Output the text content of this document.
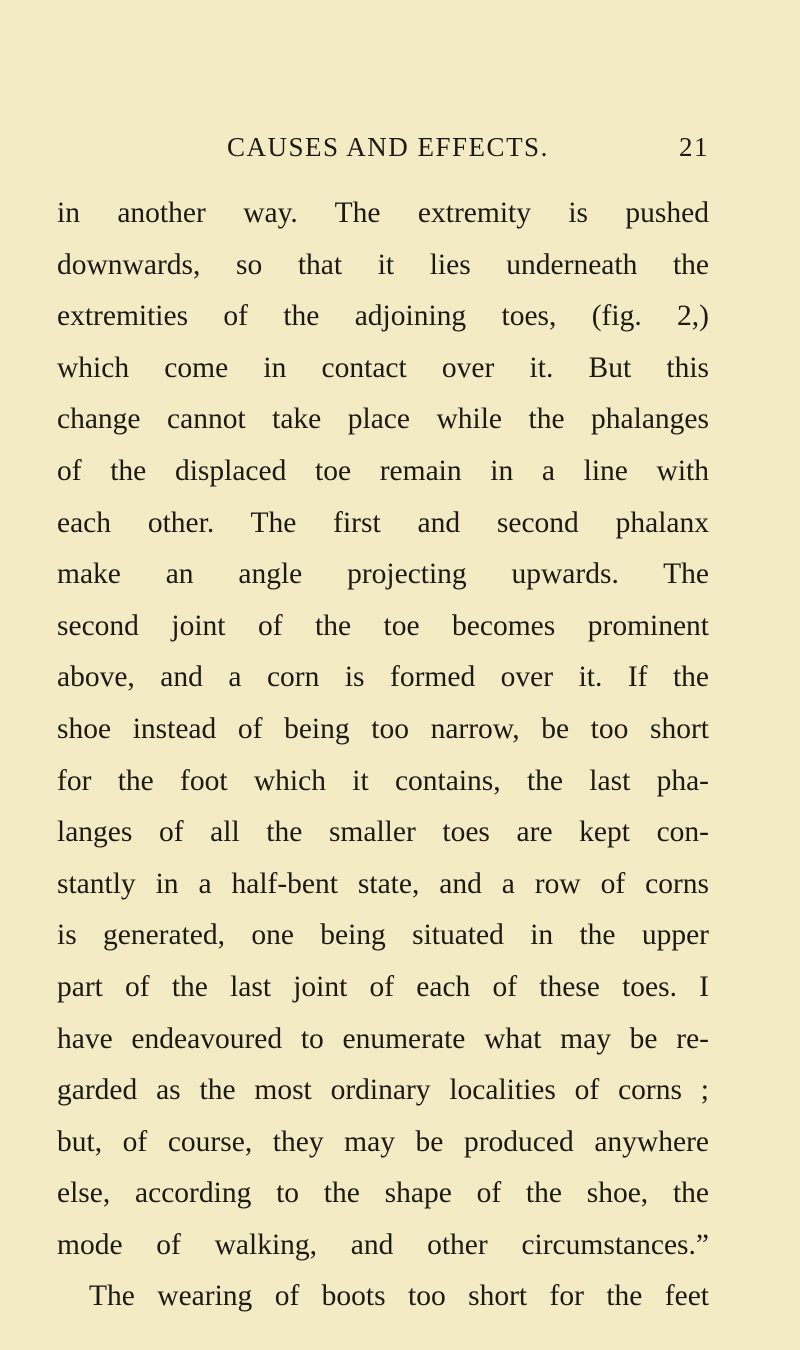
CAUSES AND EFFECTS.	21
in another way. The extremity is pushed
downwards, so that it lies underneath the
extremities of the adjoining toes, (fig. 2,)
which come in contact over it. But this
change cannot take place while the phalanges
of the displaced toe remain in a line with
each other. The first and second phalanx
make an angle projecting upwards. The
second joint of the toe becomes prominent
above, and a corn is formed over it. If the
shoe instead of being too narrow, be too short
for the foot which it contains, the last pha-
langes of all the smaller toes are kept con-
stantly in a half-bent state, and a row of corns
is generated, one being situated in the upper
part of the last joint of each of these toes. I
have endeavoured to enumerate what may be re-
garded as the most ordinary localities of corns ;
but, of course, they may be produced anywhere
else, according to the shape of the shoe, the
mode of walking, and other circumstances.”
The wearing of boots too short for the feet
